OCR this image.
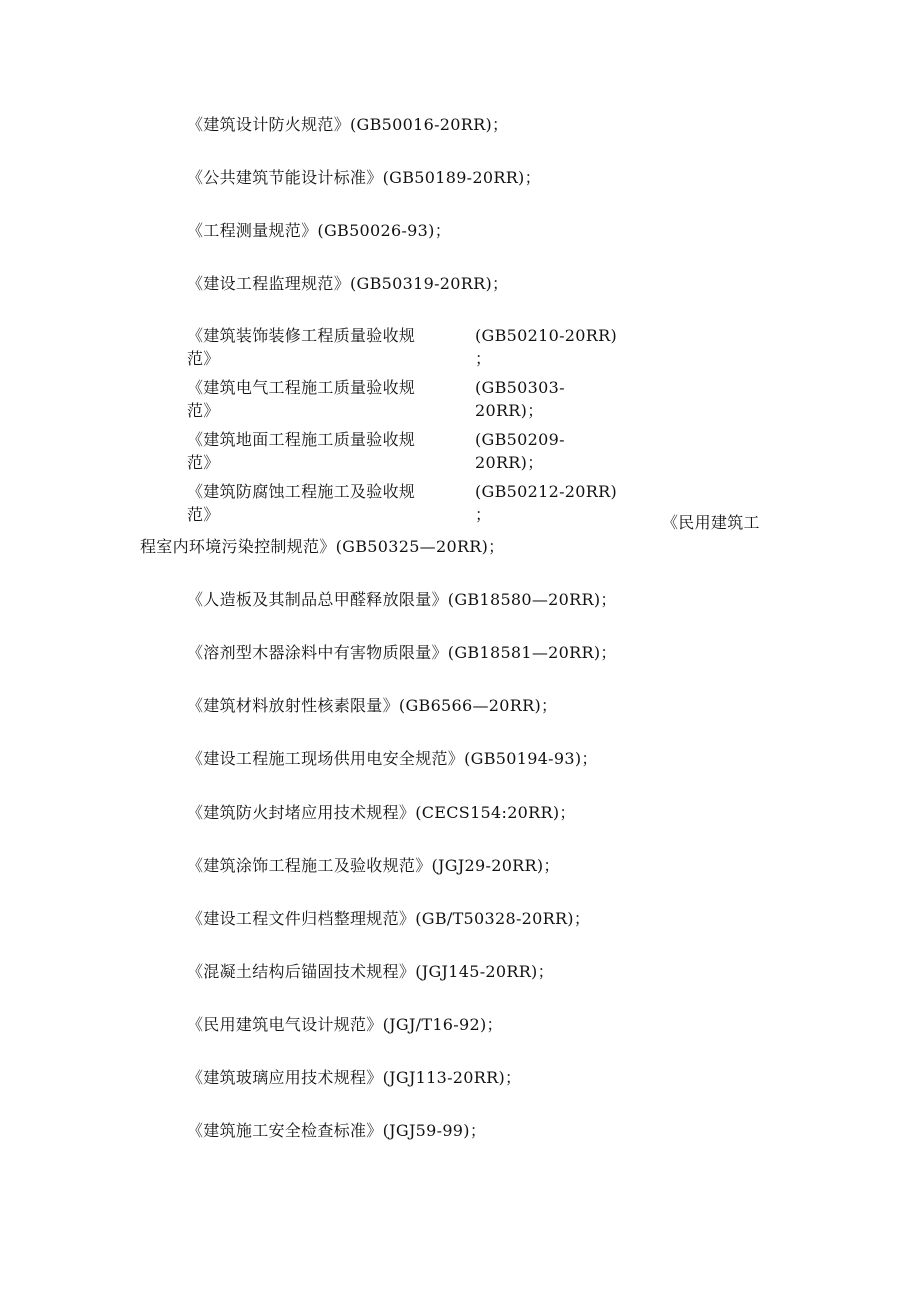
《建筑设计防火规范》(GB50016-20RR)；
《公共建筑节能设计标准》(GB50189-20RR)；
《工程测量规范》(GB50026-93)；
《建设工程监理规范》(GB50319-20RR)；
《建筑装饰装修工程质量验收规
范》
(GB50210-20RR)
；
《建筑电气工程施工质量验收规
范》
(GB50303-
20RR)；
《建筑地面工程施工质量验收规
范》
(GB50209-
20RR)；
《建筑防腐蚀工程施工及验收规
范》
(GB50212-20RR)
；	《民用建筑工
程室内环境污染控制规范》(GB50325—20RR)；
《人造板及其制品总甲醛释放限量》(GB18580—20RR)；
《溶剂型木器涂料中有害物质限量》(GB18581—20RR)；
《建筑材料放射性核素限量》(GB6566—20RR)；
《建设工程施工现场供用电安全规范》(GB50194-93)；
《建筑防火封堵应用技术规程》(CECS154:20RR)；
《建筑涂饰工程施工及验收规范》(JGJ29-20RR)；
《建设工程文件归档整理规范》(GB/T50328-20RR)；
《混凝土结构后锚固技术规程》(JGJ145-20RR)；
《民用建筑电气设计规范》(JGJ/T16-92)；
《建筑玻璃应用技术规程》(JGJ113-20RR)；
《建筑施工安全检查标准》(JGJ59-99)；
